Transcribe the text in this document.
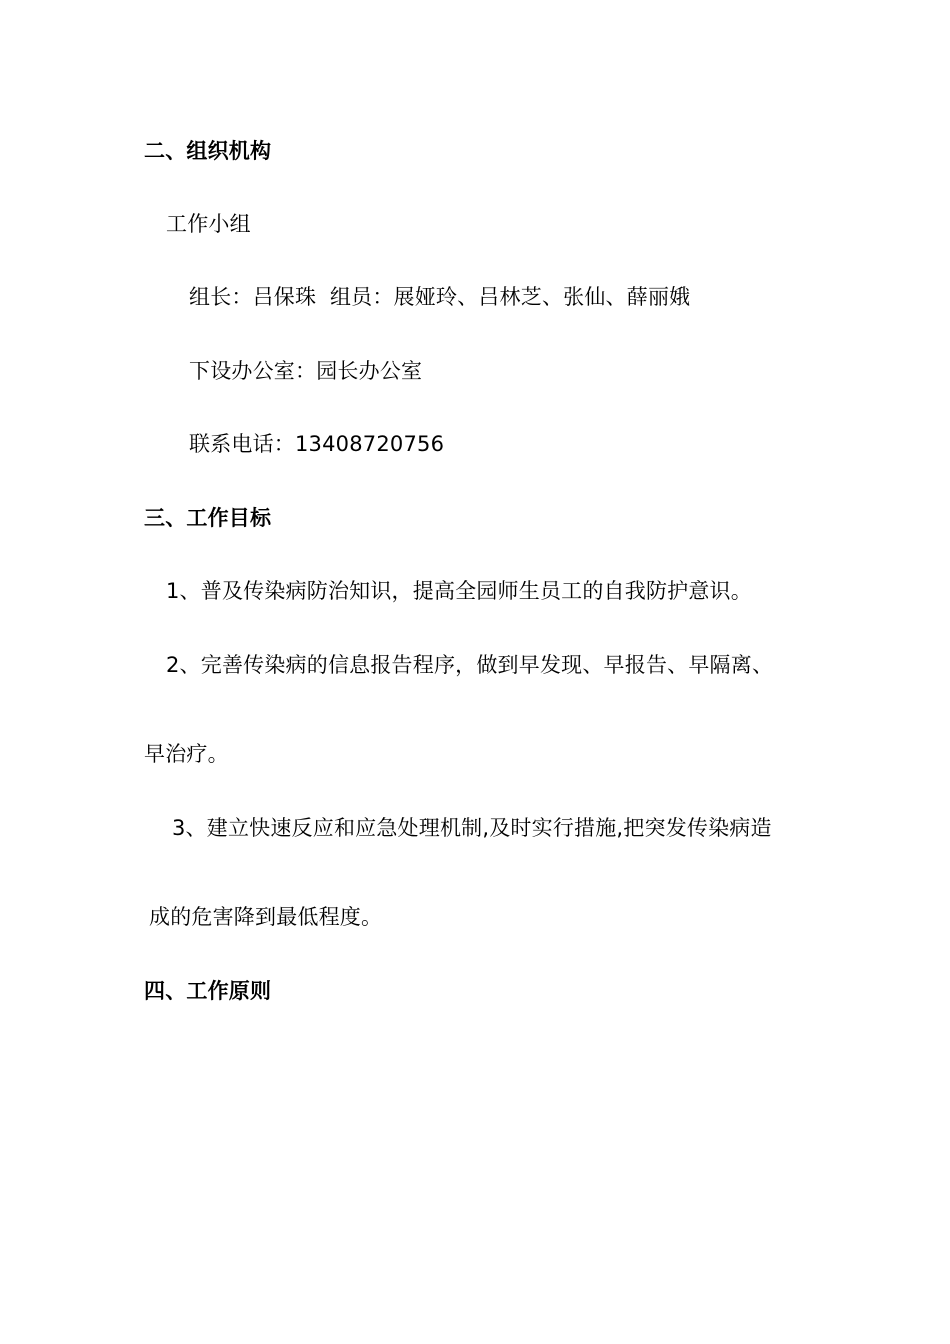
二、组织机构
工作小组
组长：吕保珠  组员：展娅玲、吕林芝、张仙、薛丽娥
下设办公室：园长办公室
联系电话：13408720756
三、工作目标
1、普及传染病防治知识，提高全园师生员工的自我防护意识。
2、完善传染病的信息报告程序，做到早发现、早报告、早隔离、
早治疗。
3、建立快速反应和应急处理机制,及时实行措施,把突发传染病造
成的危害降到最低程度。
四、工作原则
